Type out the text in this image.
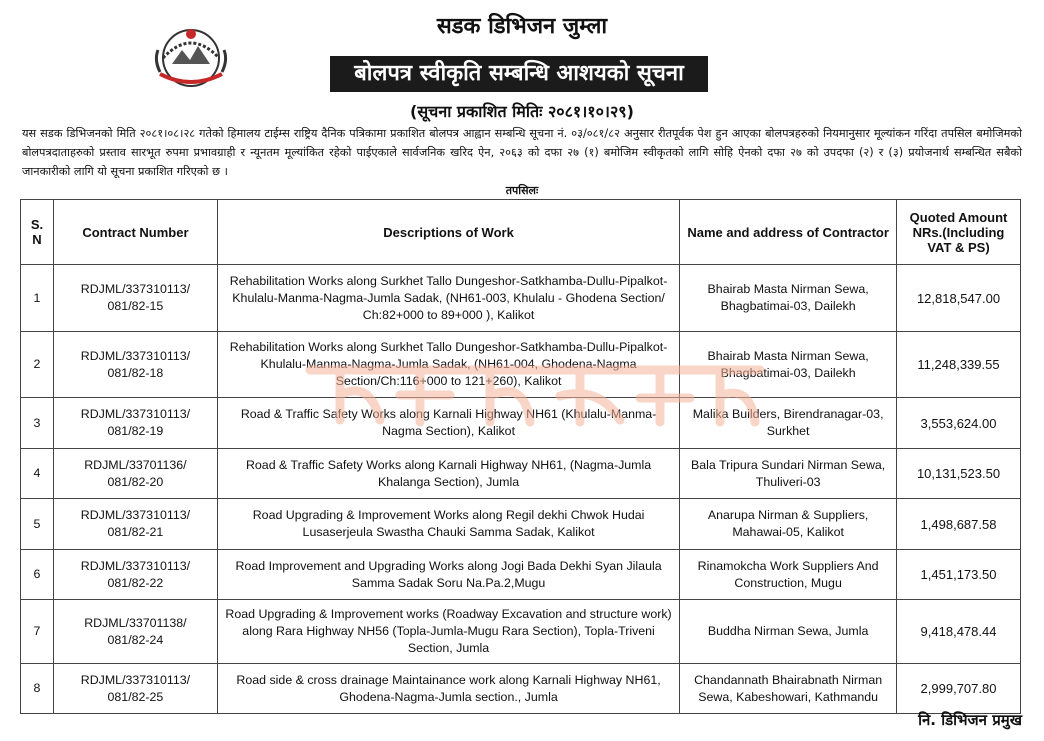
सडक डिभिजन जुम्ला
बोलपत्र स्वीकृति सम्बन्धि आशयको सूचना
(सूचना प्रकाशित मितिः २०८१।१०।२९)
यस सडक डिभिजनको मिति २०८१।०८।२८ गतेको हिमालय टाईम्स राष्ट्रिय दैनिक पत्रिकामा प्रकाशित बोलपत्र आह्वान सम्बन्धि सूचना नं. ०३/०८१/८२ अनुसार रीतपूर्वक पेश हुन आएका बोलपत्रहरुको नियमानुसार मूल्यांकन गरिंदा तपसिल बमोजिमको बोलपत्रदाताहरुको प्रस्ताव सारभूत रुपमा प्रभावग्राही र न्यूनतम मूल्यांकित रहेको पाईएकाले सार्वजनिक खरिद ऐन, २०६३ को दफा २७ (१) बमोजिम स्वीकृतको लागि सोहि ऐनको दफा २७ को उपदफा (२) र (३) प्रयोजनार्थ सम्बन्धित सबैको जानकारीको लागि यो सूचना प्रकाशित गरिएको छ ।
तपसिलः
S.
N	Contract Number	Descriptions of Work	Name and address of Contractor	Quoted Amount NRs.(Including VAT & PS)
1	RDJML/337310113/
081/82-15	Rehabilitation Works along Surkhet Tallo Dungeshor-Satkhamba-Dullu-Pipalkot-Khulalu-Manma-Nagma-Jumla Sadak, (NH61-003, Khulalu - Ghodena Section/ Ch:82+000 to 89+000 ), Kalikot	Bhairab Masta Nirman Sewa, Bhagbatimai-03, Dailekh	12,818,547.00
2	RDJML/337310113/
081/82-18	Rehabilitation Works along Surkhet Tallo Dungeshor-Satkhamba-Dullu-Pipalkot-Khulalu-Manma-Nagma-Jumla Sadak, (NH61-004, Ghodena-Nagma Section/Ch:116+000 to 121+260), Kalikot	Bhairab Masta Nirman Sewa, Bhagbatimai-03, Dailekh	11,248,339.55
3	RDJML/337310113/
081/82-19	Road & Traffic Safety Works along Karnali Highway NH61 (Khulalu-Manma-Nagma Section), Kalikot	Malika Builders, Birendranagar-03, Surkhet	3,553,624.00
4	RDJML/33701136/
081/82-20	Road & Traffic Safety Works along Karnali Highway NH61, (Nagma-Jumla Khalanga Section), Jumla	Bala Tripura Sundari Nirman Sewa, Thuliveri-03	10,131,523.50
5	RDJML/337310113/
081/82-21	Road Upgrading & Improvement Works along Regil dekhi Chwok Hudai Lusaserjeula Swastha Chauki Samma Sadak, Kalikot	Anarupa Nirman & Suppliers, Mahawai-05, Kalikot	1,498,687.58
6	RDJML/337310113/
081/82-22	Road Improvement and Upgrading Works along Jogi Bada Dekhi Syan Jilaula Samma Sadak Soru Na.Pa.2,Mugu	Rinamokcha Work Suppliers And Construction, Mugu	1,451,173.50
7	RDJML/33701138/
081/82-24	Road Upgrading & Improvement works (Roadway Excavation and structure work) along Rara Highway NH56 (Topla-Jumla-Mugu Rara Section), Topla-Triveni Section, Jumla	Buddha Nirman Sewa, Jumla	9,418,478.44
8	RDJML/337310113/
081/82-25	Road side & cross drainage Maintainance work along Karnali Highway NH61, Ghodena-Nagma-Jumla section., Jumla	Chandannath Bhairabnath Nirman Sewa, Kabeshowari, Kathmandu	2,999,707.80
नि. डिभिजन प्रमुख
